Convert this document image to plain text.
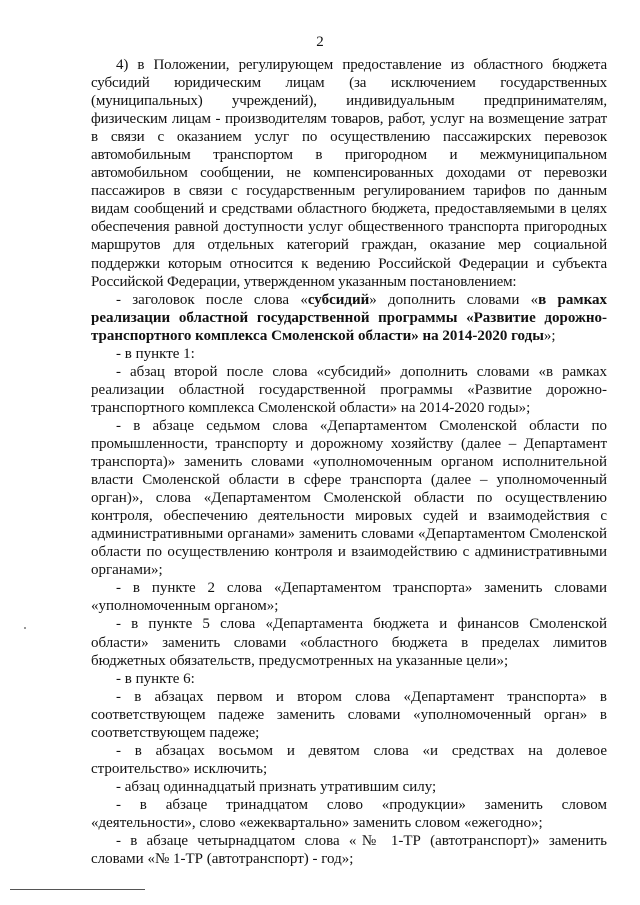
2

4) в Положении, регулирующем предоставление из областного бюджета субсидий юридическим лицам (за исключением государственных (муниципальных) учреждений), индивидуальным предпринимателям, физическим лицам - производителям товаров, работ, услуг на возмещение затрат в связи с оказанием услуг по осуществлению пассажирских перевозок автомобильным транспортом в пригородном и межмуниципальном автомобильном сообщении, не компенсированных доходами от перевозки пассажиров в связи с государственным регулированием тарифов по данным видам сообщений и средствами областного бюджета, предоставляемыми в целях обеспечения равной доступности услуг общественного транспорта пригородных маршрутов для отдельных категорий граждан, оказание мер социальной поддержки которым относится к ведению Российской Федерации и субъекта Российской Федерации, утвержденном указанным постановлением:

- заголовок после слова «субсидий» дополнить словами «в рамках реализации областной государственной программы «Развитие дорожно-транспортного комплекса Смоленской области» на 2014-2020 годы»;

- в пункте 1:

- абзац второй после слова «субсидий» дополнить словами «в рамках реализации областной государственной программы «Развитие дорожно-транспортного комплекса Смоленской области» на 2014-2020 годы»;

- в абзаце седьмом слова «Департаментом Смоленской области по промышленности, транспорту и дорожному хозяйству (далее – Департамент транспорта)» заменить словами «уполномоченным органом исполнительной власти Смоленской области в сфере транспорта (далее – уполномоченный орган)», слова «Департаментом Смоленской области по осуществлению контроля, обеспечению деятельности мировых судей и взаимодействия с административными органами» заменить словами «Департаментом Смоленской области по осуществлению контроля и взаимодействию с административными органами»;

- в пункте 2 слова «Департаментом транспорта» заменить словами «уполномоченным органом»;

- в пункте 5 слова «Департамента бюджета и финансов Смоленской области» заменить словами «областного бюджета в пределах лимитов бюджетных обязательств, предусмотренных на указанные цели»;

- в пункте 6:

- в абзацах первом и втором слова «Департамент транспорта» в соответствующем падеже заменить словами «уполномоченный орган» в соответствующем падеже;

- в абзацах восьмом и девятом слова «и средствах на долевое строительство» исключить;

- абзац одиннадцатый признать утратившим силу;

- в абзаце тринадцатом слово «продукции» заменить словом «деятельности», слово «ежеквартально» заменить словом «ежегодно»;

- в абзаце четырнадцатом слова «№ 1-ТР (автотранспорт)» заменить словами «№ 1-ТР (автотранспорт) - год»;
